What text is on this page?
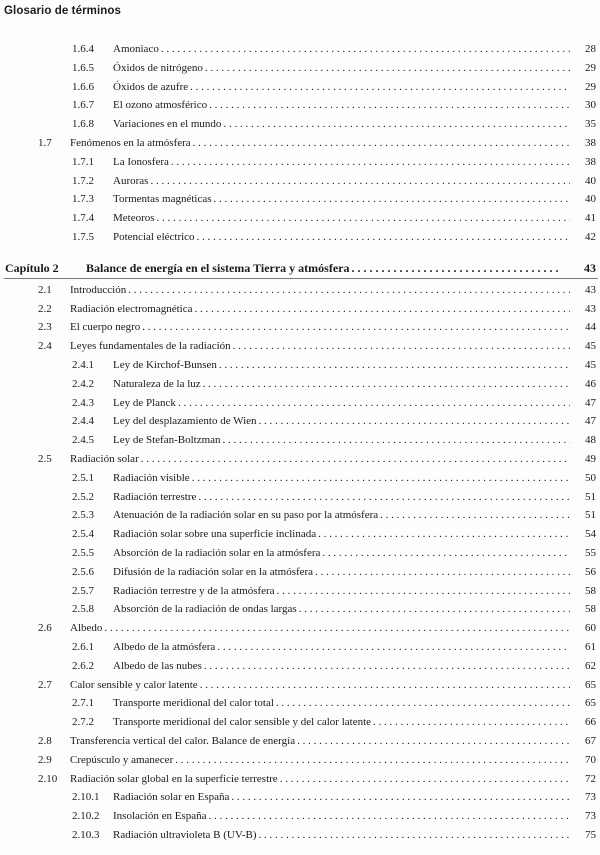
Glosario de términos
1.6.4 Amoniaco . . .	28
1.6.5 Óxidos de nitrógeno . . .	29
1.6.6 Óxidos de azufre . . .	29
1.6.7 El ozono atmosférico . . .	30
1.6.8 Variaciones en el mundo . . .	35
1.7 Fenómenos en la atmósfera . . .	38
1.7.1 La Ionosfera . . .	38
1.7.2 Auroras . . .	40
1.7.3 Tormentas magnéticas . . .	40
1.7.4 Meteoros . . .	41
1.7.5 Potencial eléctrico . . .	42
Capítulo 2 Balance de energía en el sistema Tierra y atmósfera . . .	43
2.1 Introducción . . .	43
2.2 Radiación electromagnética . . .	43
2.3 El cuerpo negro . . .	44
2.4 Leyes fundamentales de la radiación . . .	45
2.4.1 Ley de Kirchof-Bunsen . . .	45
2.4.2 Naturaleza de la luz . . .	46
2.4.3 Ley de Planck . . .	47
2.4.4 Ley del desplazamiento de Wien . . .	47
2.4.5 Ley de Stefan-Boltzman . . .	48
2.5 Radiación solar . . .	49
2.5.1 Radiación visible . . .	50
2.5.2 Radiación terrestre . . .	51
2.5.3 Atenuación de la radiación solar en su paso por la atmósfera . . .	51
2.5.4 Radiación solar sobre una superficie inclinada . . .	54
2.5.5 Absorción de la radiación solar en la atmósfera . . .	55
2.5.6 Difusión de la radiación solar en la atmósfera . . .	56
2.5.7 Radiación terrestre y de la atmósfera . . .	58
2.5.8 Absorción de la radiación de ondas largas . . .	58
2.6 Albedo . . .	60
2.6.1 Albedo de la atmósfera . . .	61
2.6.2 Albedo de las nubes . . .	62
2.7 Calor sensible y calor latente . . .	65
2.7.1 Transporte meridional del calor total . . .	65
2.7.2 Transporte meridional del calor sensible y del calor latente . . .	66
2.8 Transferencia vertical del calor. Balance de energía . . .	67
2.9 Crepúsculo y amanecer . . .	70
2.10 Radiación solar global en la superficie terrestre . . .	72
2.10.1 Radiación solar en España . . .	73
2.10.2 Insolación en España . . .	73
2.10.3 Radiación ultravioleta B (UV-B) . . .	75
